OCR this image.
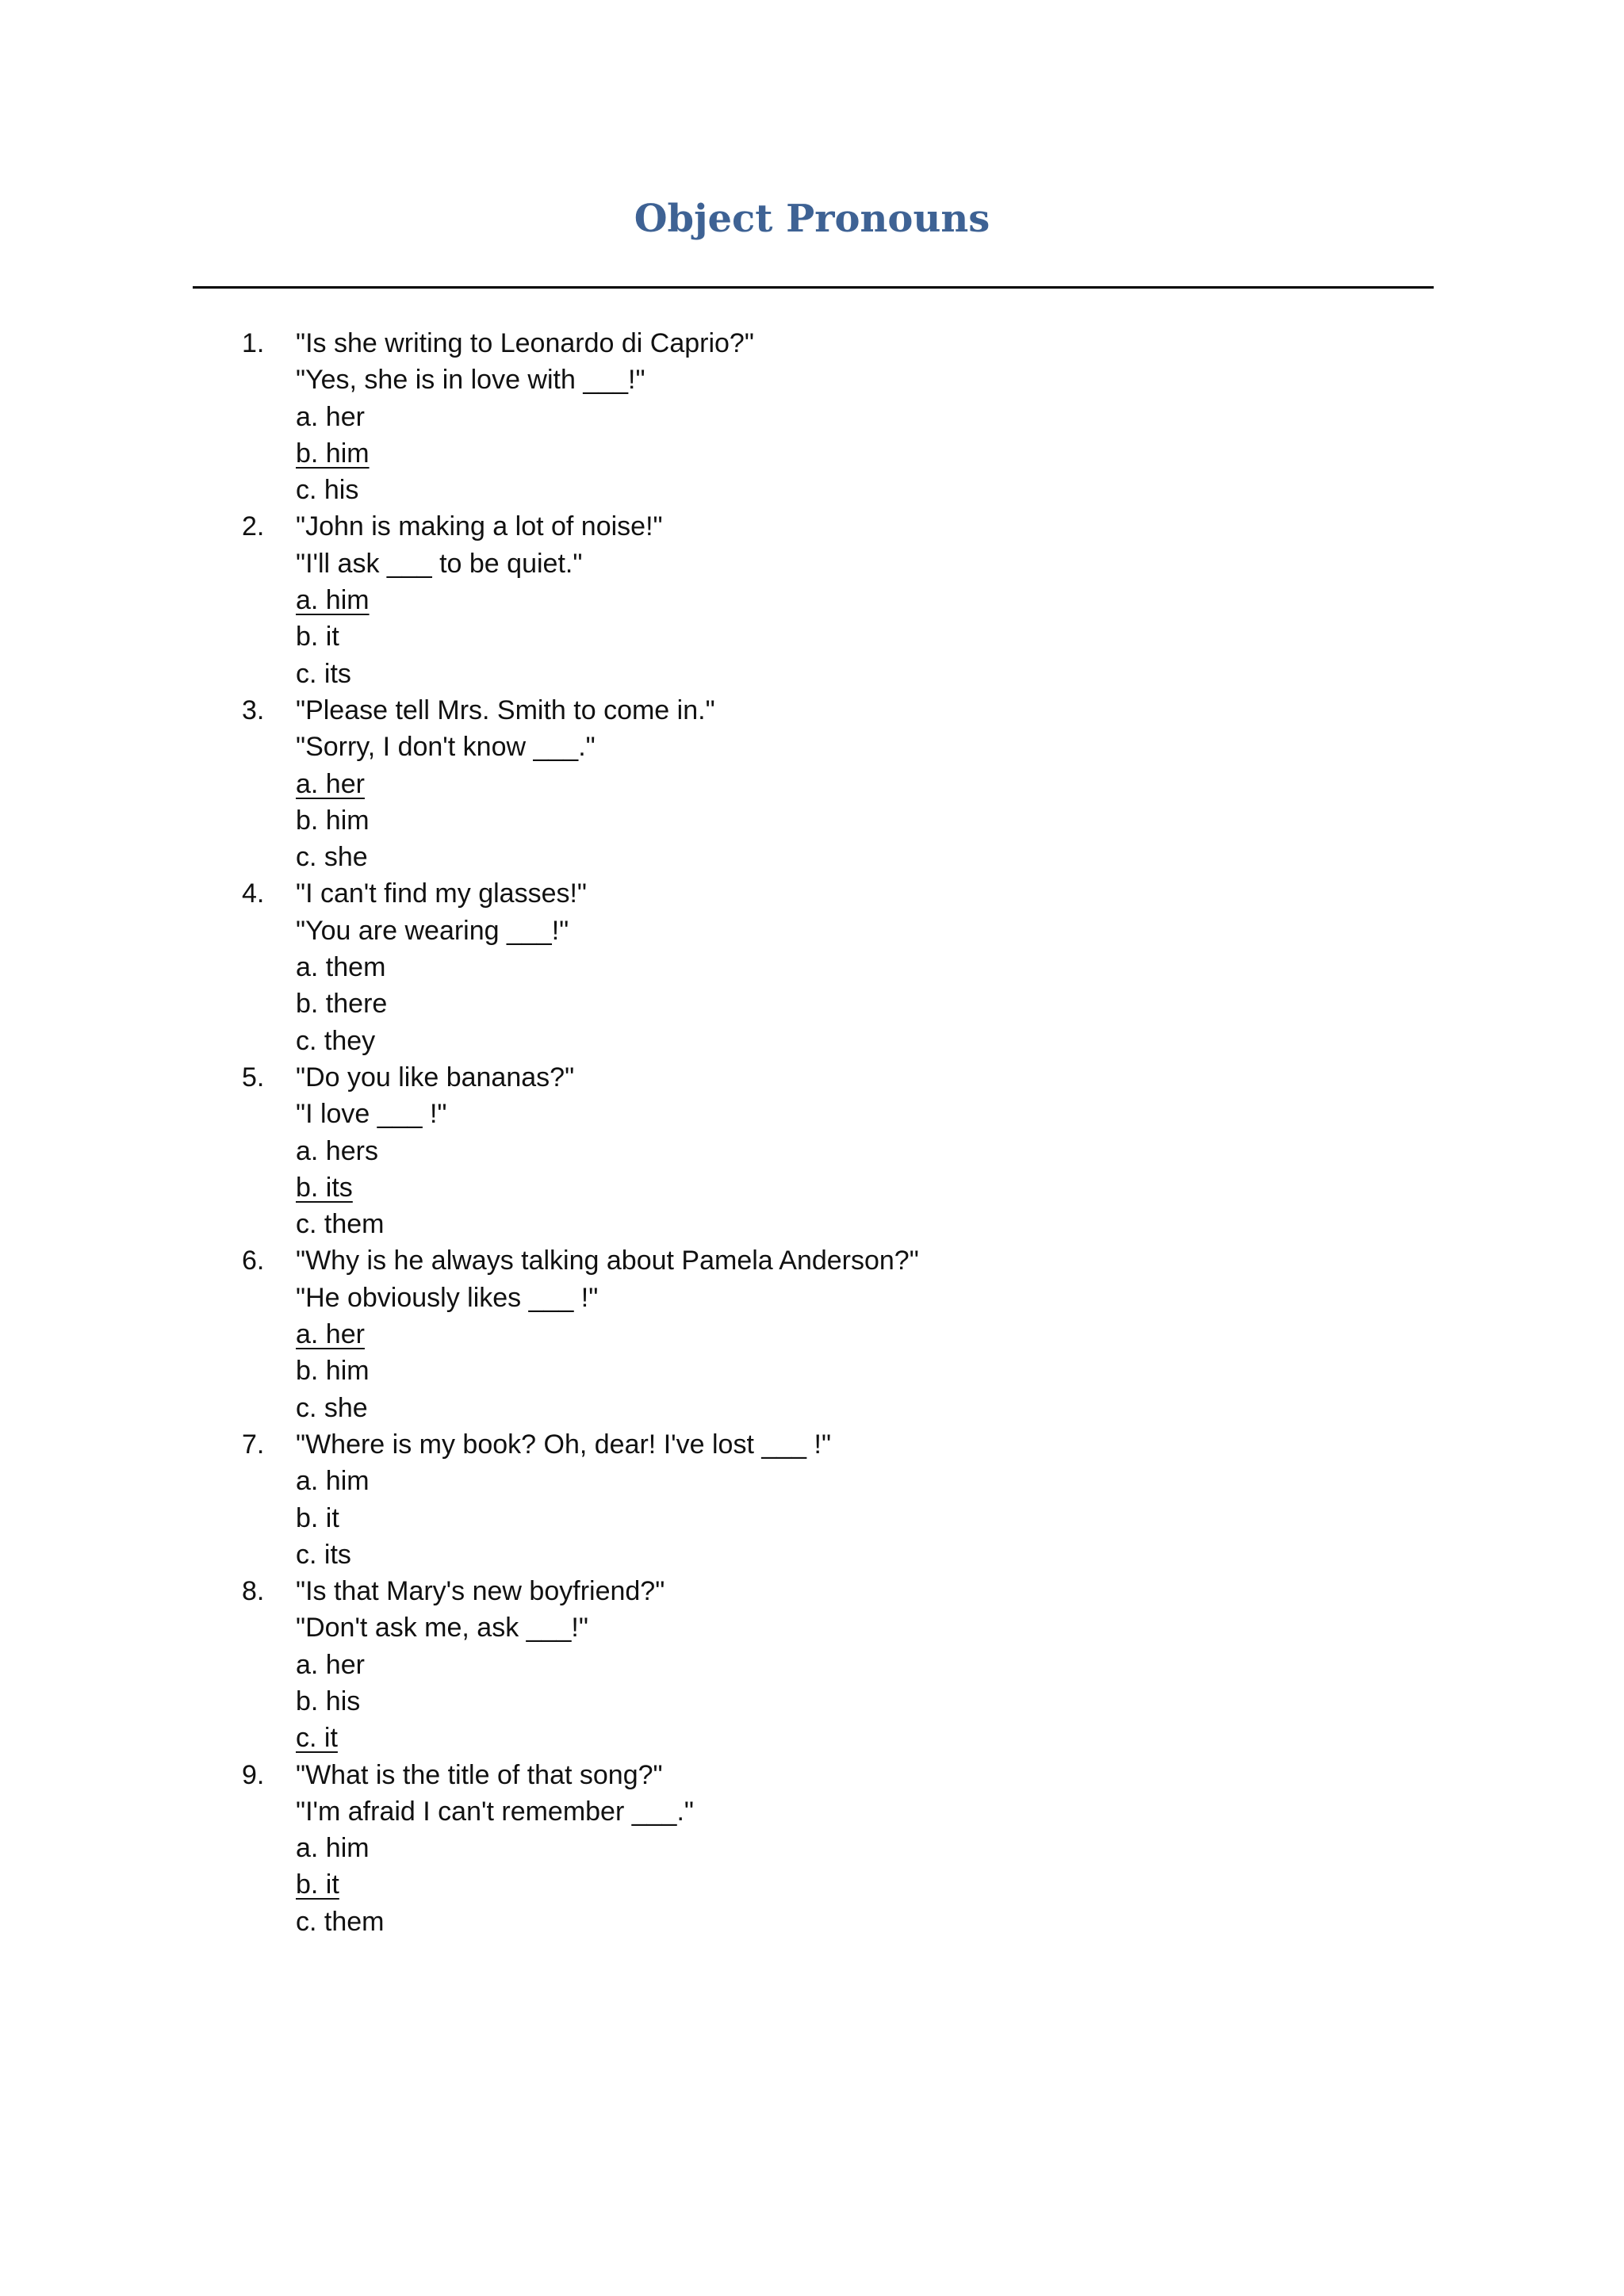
Object Pronouns
1. "Is she writing to Leonardo di Caprio?"
"Yes, she is in love with ___!"
a. her
b. him
c. his
2. "John is making a lot of noise!"
"I'll ask ___ to be quiet."
a. him
b. it
c. its
3. "Please tell Mrs. Smith to come in."
"Sorry, I don't know ___."
a. her
b. him
c. she
4. "I can't find my glasses!"
"You are wearing ___!"
a. them
b. there
c. they
5. "Do you like bananas?"
"I love ___ !"
a. hers
b. its
c. them
6. "Why is he always talking about Pamela Anderson?"
"He obviously likes ___ !"
a. her
b. him
c. she
7. "Where is my book? Oh, dear! I've lost ___ !"
a. him
b. it
c. its
8. "Is that Mary's new boyfriend?"
"Don't ask me, ask ___!"
a. her
b. his
c. it
9. "What is the title of that song?"
"I'm afraid I can't remember ___."
a. him
b. it
c. them
